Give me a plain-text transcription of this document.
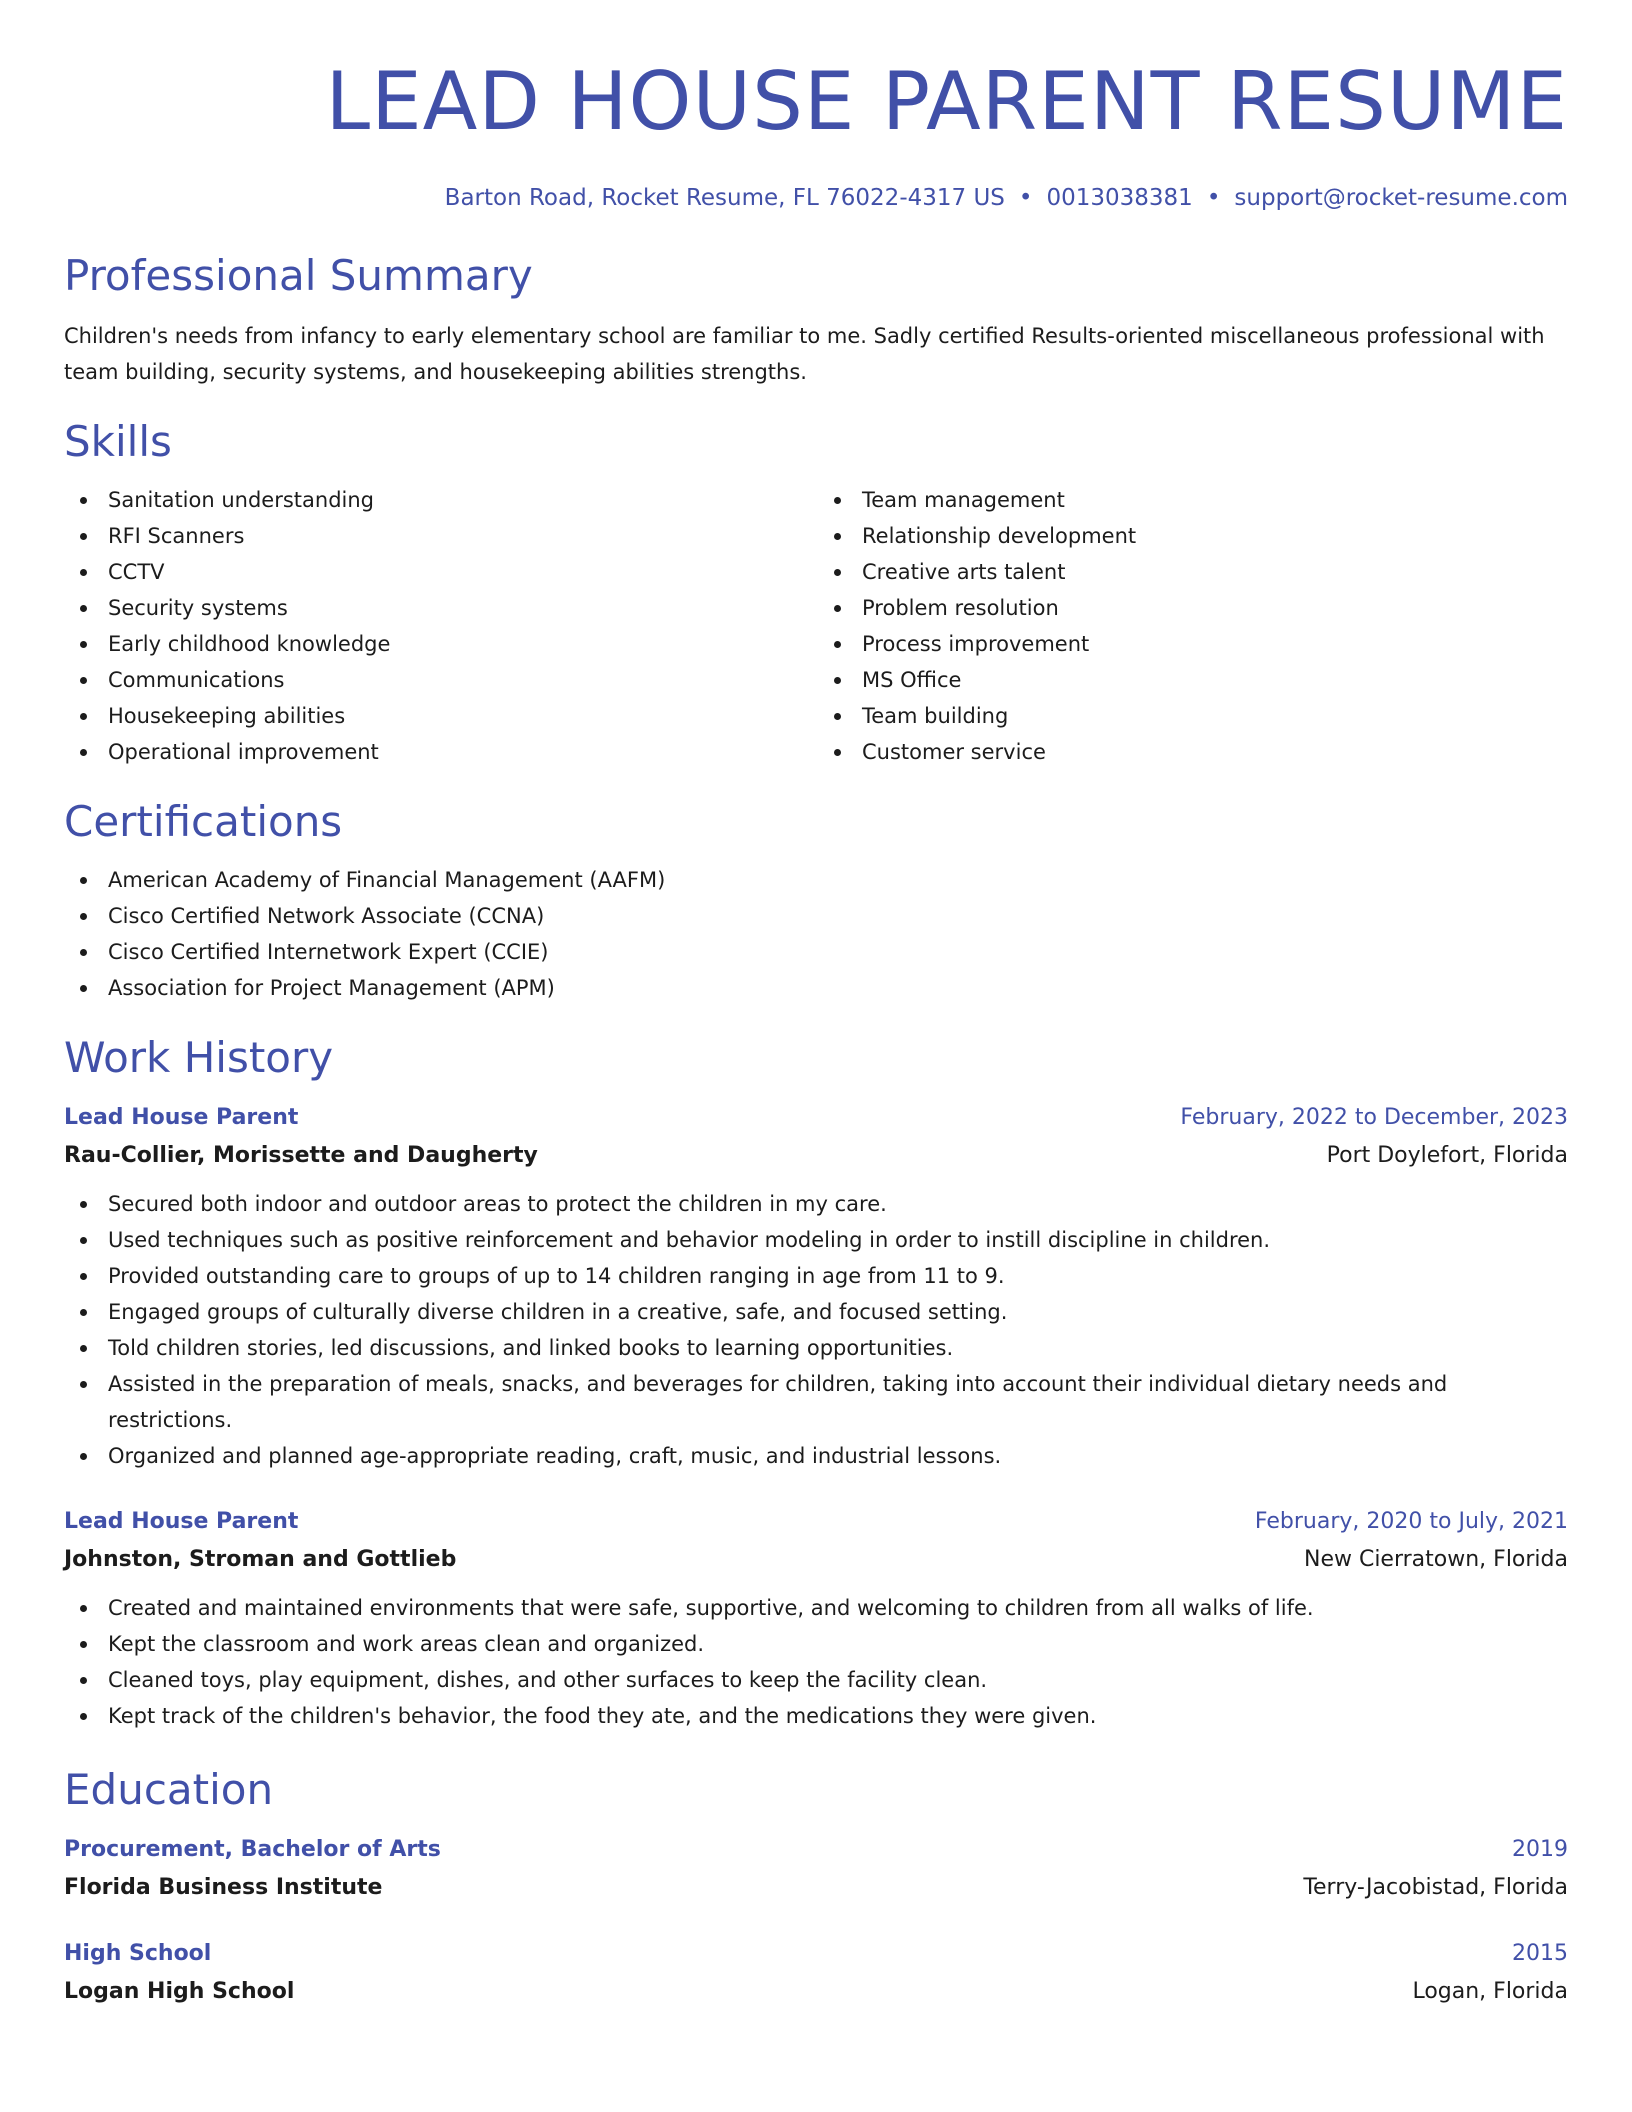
LEAD HOUSE PARENT RESUME
Barton Road, Rocket Resume, FL 76022-4317 US • 0013038381 • support@rocket-resume.com
Professional Summary

Children's needs from infancy to early elementary school are familiar to me. Sadly certified Results-oriented miscellaneous professional with team building, security systems, and housekeeping abilities strengths.

Skills
Sanitation understanding
RFI Scanners
CCTV
Security systems
Early childhood knowledge
Communications
Housekeeping abilities
Operational improvement
Team management
Relationship development
Creative arts talent
Problem resolution
Process improvement
MS Office
Team building
Customer service
Certifications
American Academy of Financial Management (AAFM)
Cisco Certified Network Associate (CCNA)
Cisco Certified Internetwork Expert (CCIE)
Association for Project Management (APM)
Work History
Lead House Parent	February, 2022 to December, 2023
Rau-Collier, Morissette and Daugherty	Port Doylefort, Florida
Secured both indoor and outdoor areas to protect the children in my care.
Used techniques such as positive reinforcement and behavior modeling in order to instill discipline in children.
Provided outstanding care to groups of up to 14 children ranging in age from 11 to 9.
Engaged groups of culturally diverse children in a creative, safe, and focused setting.
Told children stories, led discussions, and linked books to learning opportunities.
Assisted in the preparation of meals, snacks, and beverages for children, taking into account their individual dietary needs and restrictions.
Organized and planned age-appropriate reading, craft, music, and industrial lessons.
Lead House Parent	February, 2020 to July, 2021
Johnston, Stroman and Gottlieb	New Cierratown, Florida
Created and maintained environments that were safe, supportive, and welcoming to children from all walks of life.
Kept the classroom and work areas clean and organized.
Cleaned toys, play equipment, dishes, and other surfaces to keep the facility clean.
Kept track of the children's behavior, the food they ate, and the medications they were given.
Education
Procurement, Bachelor of Arts	2019
Florida Business Institute	Terry-Jacobistad, Florida
High School	2015
Logan High School	Logan, Florida
